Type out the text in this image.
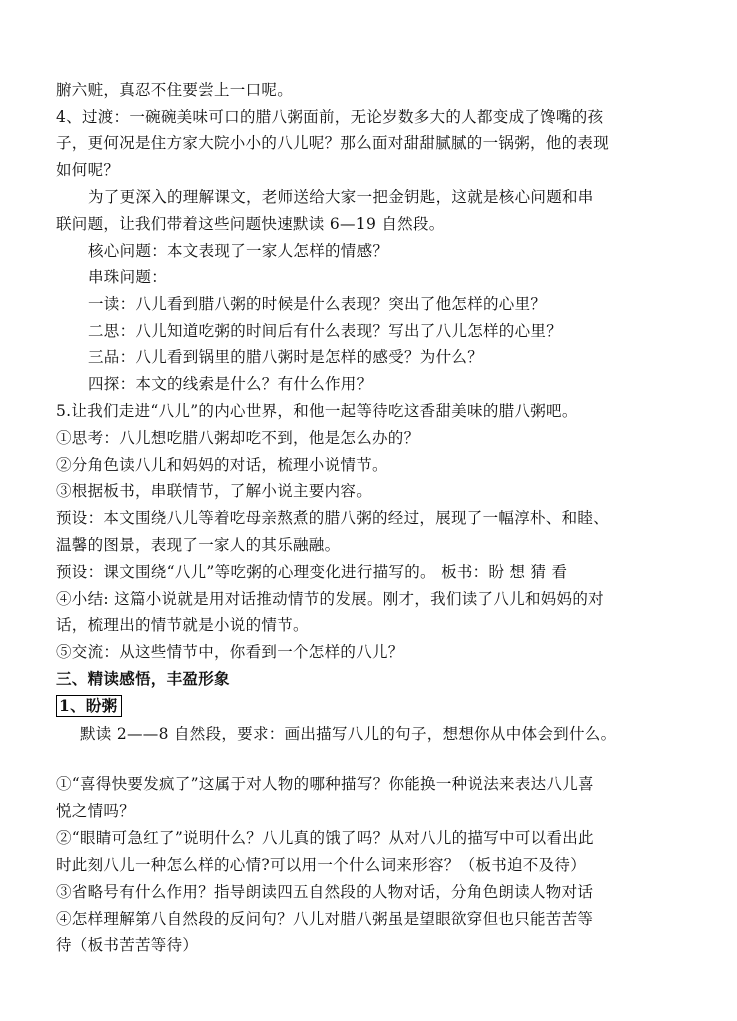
腑六赃，真忍不住要尝上一口呢。
4、过渡：一碗碗美味可口的腊八粥面前，无论岁数多大的人都变成了馋嘴的孩
子，更何况是住方家大院小小的八儿呢？那么面对甜甜腻腻的一锅粥，他的表现
如何呢？
为了更深入的理解课文，老师送给大家一把金钥匙，这就是核心问题和串
联问题，让我们带着这些问题快速默读 6—19 自然段。
核心问题：本文表现了一家人怎样的情感？
串珠问题：
一读：八儿看到腊八粥的时候是什么表现？突出了他怎样的心里？
二思：八儿知道吃粥的时间后有什么表现？写出了八儿怎样的心里？
三品：八儿看到锅里的腊八粥时是怎样的感受？为什么？
四探：本文的线索是什么？有什么作用？
5.让我们走进“八儿”的内心世界，和他一起等待吃这香甜美味的腊八粥吧。
①思考：八儿想吃腊八粥却吃不到，他是怎么办的？
②分角色读八儿和妈妈的对话，梳理小说情节。
③根据板书，串联情节，了解小说主要内容。
预设：本文围绕八儿等着吃母亲熬煮的腊八粥的经过，展现了一幅淳朴、和睦、
温馨的图景，表现了一家人的其乐融融。
预设：课文围绕“八儿”等吃粥的心理变化进行描写的。 板书：盼 想 猜 看
④小结: 这篇小说就是用对话推动情节的发展。刚才，我们读了八儿和妈妈的对
话，梳理出的情节就是小说的情节。
⑤交流：从这些情节中，你看到一个怎样的八儿？
三、精读感悟，丰盈形象
1、盼粥
默读 2——8 自然段，要求：画出描写八儿的句子，想想你从中体会到什么。
①“喜得快要发疯了”这属于对人物的哪种描写？你能换一种说法来表达八儿喜
悦之情吗？
②“眼睛可急红了”说明什么？八儿真的饿了吗？从对八儿的描写中可以看出此
时此刻八儿一种怎么样的心情?可以用一个什么词来形容？（板书迫不及待）
③省略号有什么作用？指导朗读四五自然段的人物对话，分角色朗读人物对话
④怎样理解第八自然段的反问句？八儿对腊八粥虽是望眼欲穿但也只能苦苦等
待（板书苦苦等待）
